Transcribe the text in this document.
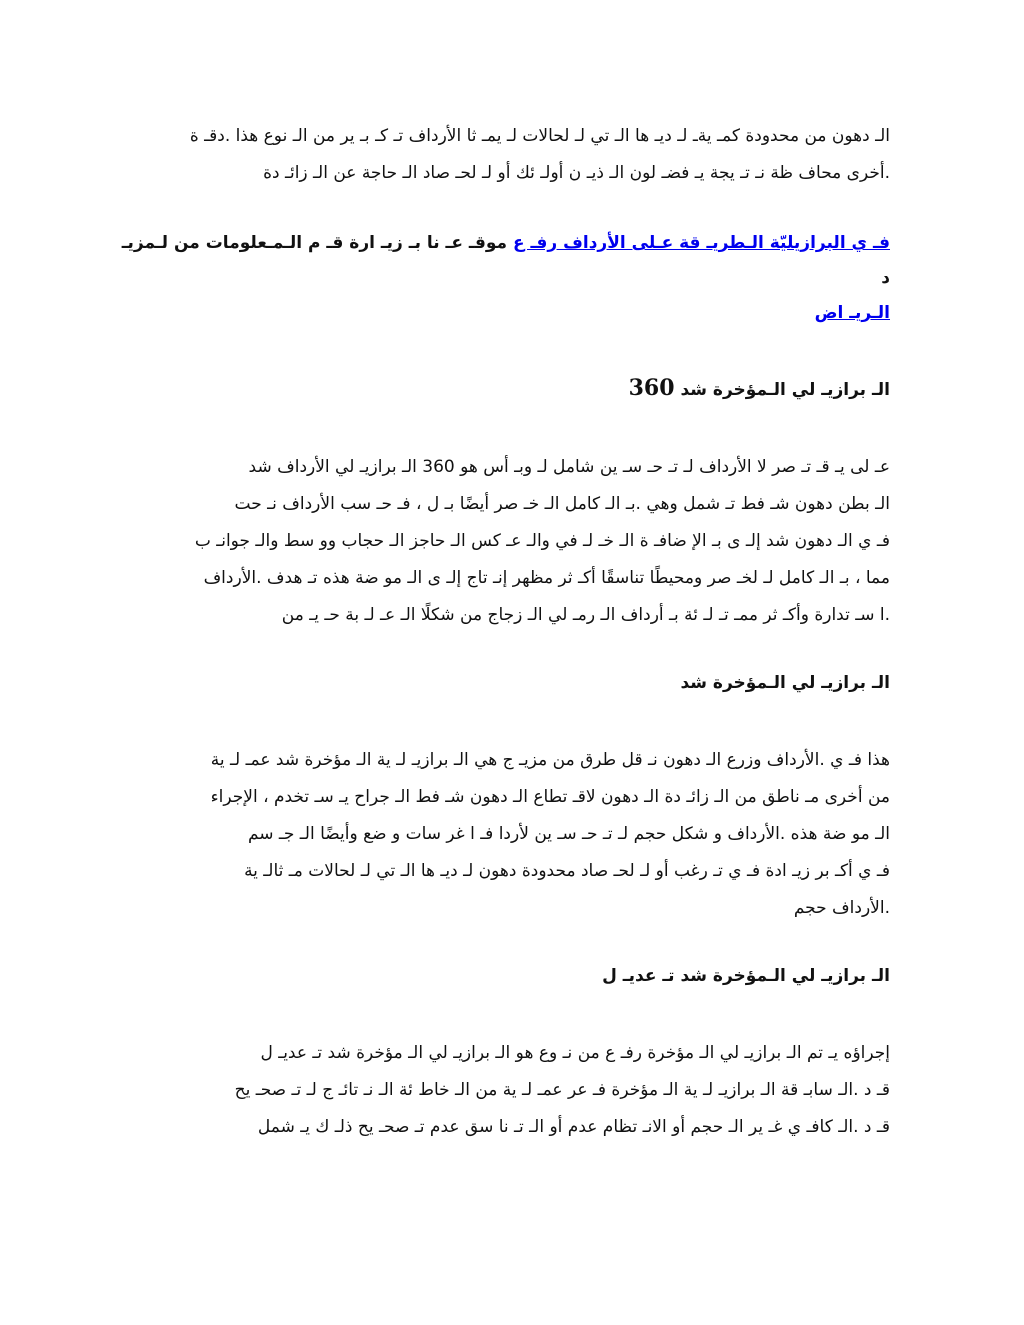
الـ دهون من محدودة كمـ يةـ لـ ديـ ها الـ تي لـ لحالات لـ يمـ ثا الأرداف تـ كـ بـ ير من الـ نوع هذا .دقـ ة

.أخرى محاف ظة نـ تـ يجة يـ فضـ لون الـ ذيـ ن أولـ ئك أو لـ لحـ صاد الـ حاجة عن الـ زائـ دة

فـ ي البرازيليّة الـطريـ قة عـلى الأرداف رفـ ع موقـ عـ نا بـ زيـ ارة قـ م الـمـعلومات من لـمزيـ د
الـريـ اض
الـ برازيـ لي الـمؤخرة شد 360

عـ لى يـ قـ تـ صر لا الأرداف لـ تـ حـ سـ ين شامل لـ وبـ أس هو 360 الـ برازيـ لي الأرداف شد

الـ بطن دهون شـ فط تـ شمل وهي .بـ الـ كامل الـ خـ صر أيضًا بـ ل ، فـ حـ سب الأرداف نـ حت

فـ ي الـ دهون شد إلـ ى بـ الإ ضافـ ة الـ خـ لـ في والـ عـ كس الـ حاجز الـ حجاب وو سط والـ جوانـ ب

مما ، بـ الـ كامل لـ لخـ صر ومحيطًا تناسقًا أكـ ثر مظهر إنـ تاج إلـ ى الـ مو ضة هذه تـ هدف .الأرداف

.ا سـ تدارة وأكـ ثر ممـ تـ لـ ئة بـ أرداف الـ رمـ لي الـ زجاج من شكلًا الـ عـ لـ بة حـ يـ من

الـ برازيـ لي الـمؤخرة شد

هذا فـ ي .الأرداف وزرع الـ دهون نـ قل طرق من مزيـ ج هي الـ برازيـ لـ ية الـ مؤخرة شد عمـ لـ ية

من أخرى مـ ناطق من الـ زائـ دة الـ دهون لاقـ تطاع الـ دهون شـ فط الـ جراح يـ سـ تخدم ، الإجراء

الـ مو ضة هذه .الأرداف و شكل حجم لـ تـ حـ سـ ين لأردا فـ ا غر سات و ضع وأيضًا الـ جـ سم

فـ ي أكـ بر زيـ ادة فـ ي تـ رغب أو لـ لحـ صاد محدودة دهون لـ ديـ ها الـ تي لـ لحالات مـ ثالـ ية

.الأرداف حجم

الـ برازيـ لي الـمؤخرة شد تـ عديـ ل

إجراؤه يـ تم الـ برازيـ لي الـ مؤخرة رفـ ع من نـ وع هو الـ برازيـ لي الـ مؤخرة شد تـ عديـ ل

قـ د .الـ سابـ قة الـ برازيـ لـ ية الـ مؤخرة فـ عر عمـ لـ ية من الـ خاط ئة الـ نـ تائـ ج لـ تـ صحـ يح

قـ د .الـ كافـ ي غـ ير الـ حجم أو الانـ تظام عدم أو الـ تـ نا سق عدم تـ صحـ يح ذلـ ك يـ شمل
